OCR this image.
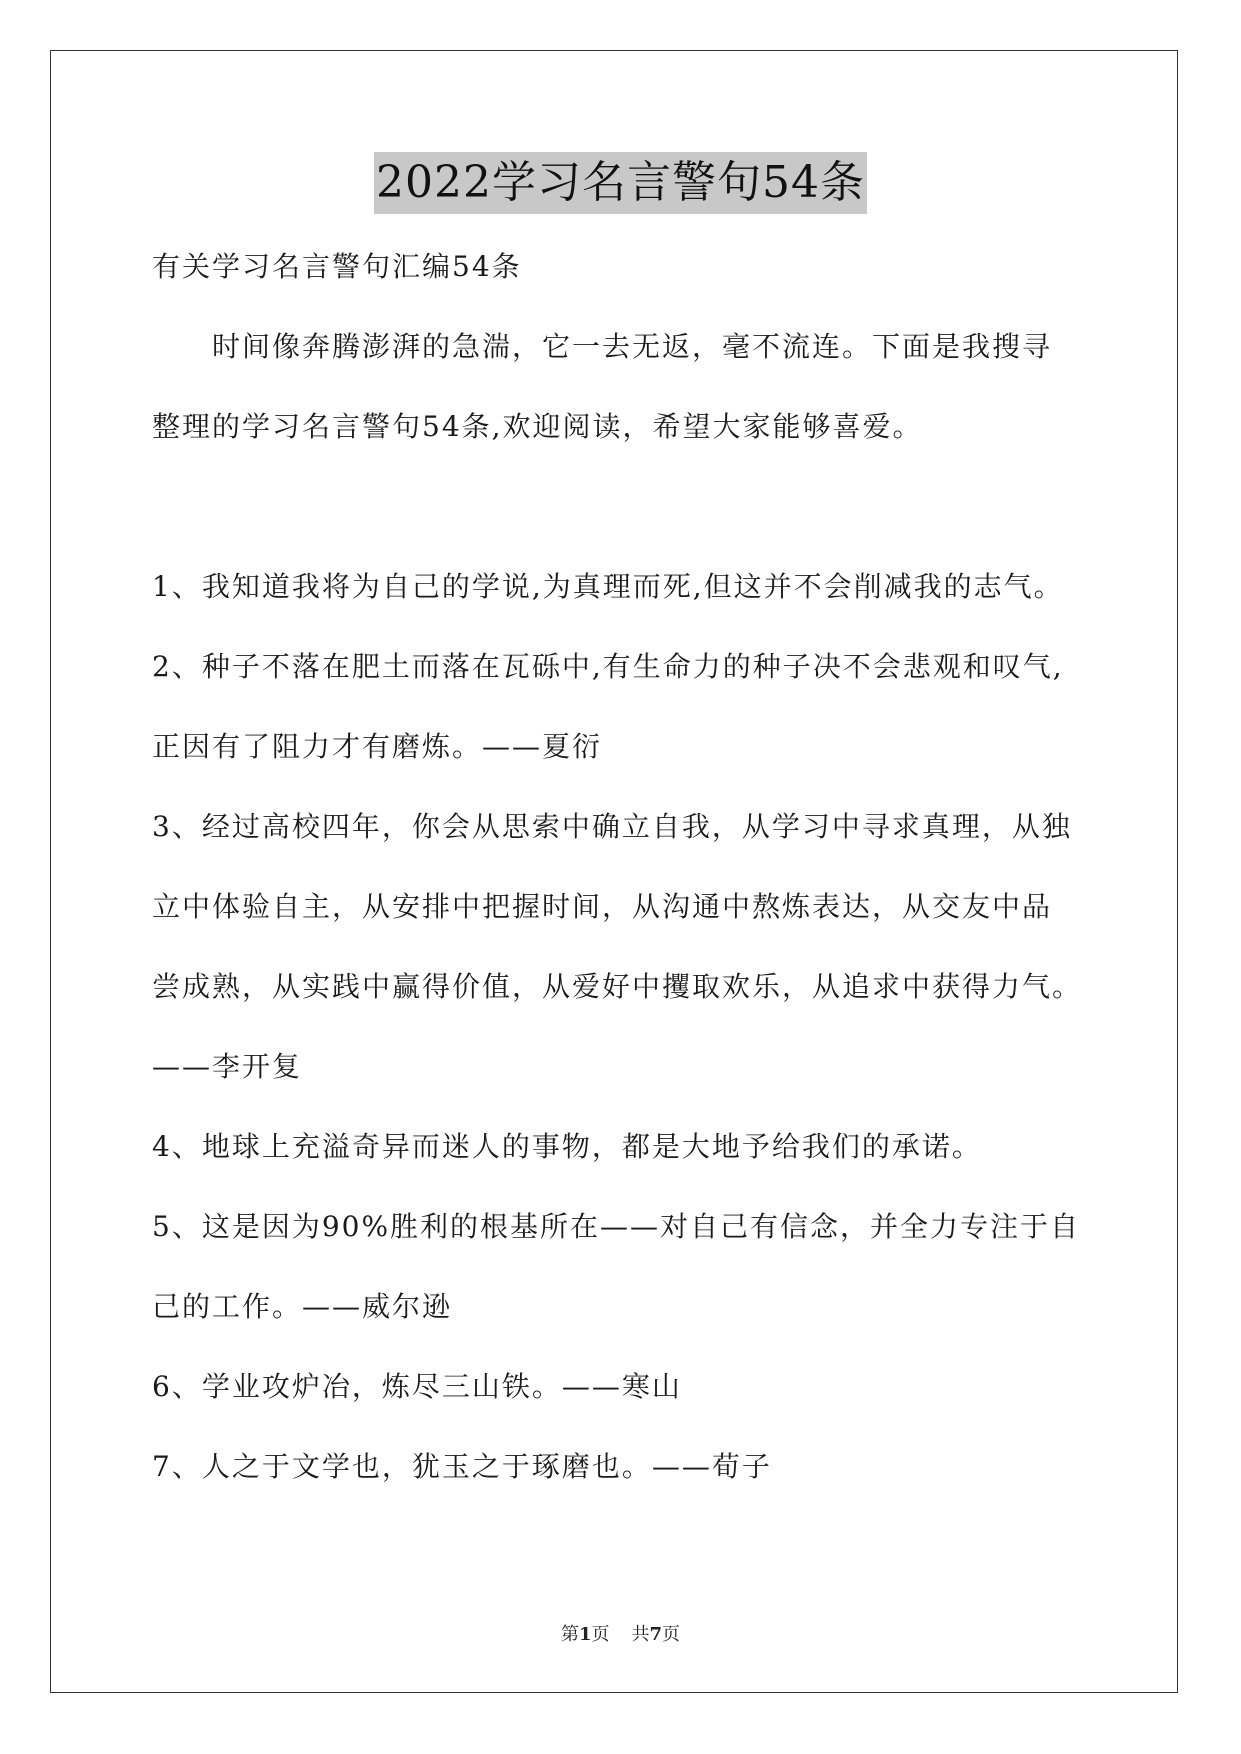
2022学习名言警句54条
有关学习名言警句汇编54条
　　时间像奔腾澎湃的急湍，它一去无返，毫不流连。下面是我搜寻
整理的学习名言警句54条,欢迎阅读，希望大家能够喜爱。
1、我知道我将为自己的学说,为真理而死,但这并不会削减我的志气。
2、种子不落在肥土而落在瓦砾中,有生命力的种子决不会悲观和叹气,
正因有了阻力才有磨炼。——夏衍
3、经过高校四年，你会从思索中确立自我，从学习中寻求真理，从独
立中体验自主，从安排中把握时间，从沟通中熬炼表达，从交友中品
尝成熟，从实践中赢得价值，从爱好中攫取欢乐，从追求中获得力气。
——李开复
4、地球上充溢奇异而迷人的事物，都是大地予给我们的承诺。
5、这是因为90%胜利的根基所在——对自己有信念，并全力专注于自
己的工作。——威尔逊
6、学业攻炉冶，炼尽三山铁。——寒山
7、人之于文学也，犹玉之于琢磨也。——荀子
第1页 共7页
